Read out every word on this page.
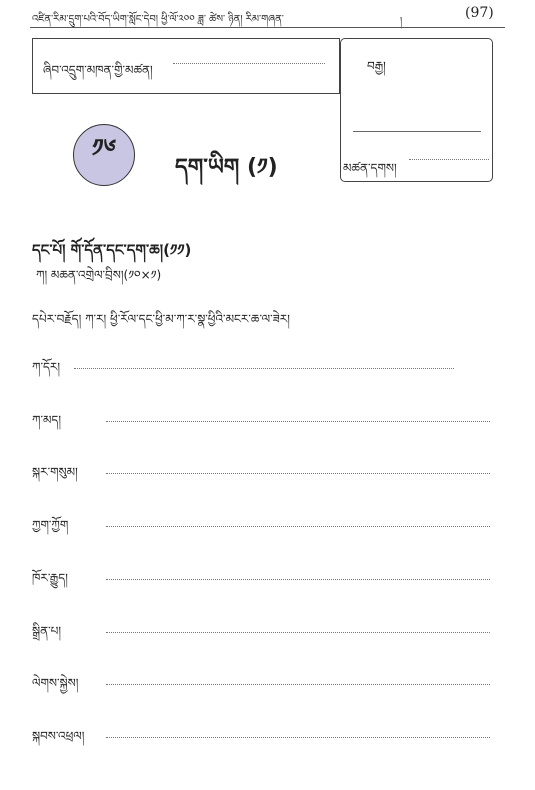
འཛིན་རིམ་དྲུག་པའི་བོད་ཡིག་སློང་དེབ། ཕྱི་ལོ་༢༠༠ ཟླ་ ཚེས་ ཉིན། རིམ་གཞན་	།
(97)
ཞིབ་འདྲུག་མཁན་གྱི་མཚན།	བརྒྱ།
མཚན་དགས།
༡༦
དག་ཡིག (༡)
དང་པོ། གོ་དོན་དང་དག་ཆ།(༡༡)
ཀ། མཆན་འགྲེལ་བྲིས།(༡༠×༡)
དཔེར་བརྗོད། ཀ་ར། ཕྱི་རོལ་དང་ཕྱི་མ་ཀ་ར་སྣ་ཕྱིའི་མངར་ཆ་ལ་ཟེར།
ཀ་དོར།
ཀ་མད།
སྐར་གསུམ།
ཀྱག་ཀྱོག
ཁོར་རྒྱུད།
སྒྲིན་པ།
ལེགས་སྐྱེས།
སྐབས་འཕྲལ།
